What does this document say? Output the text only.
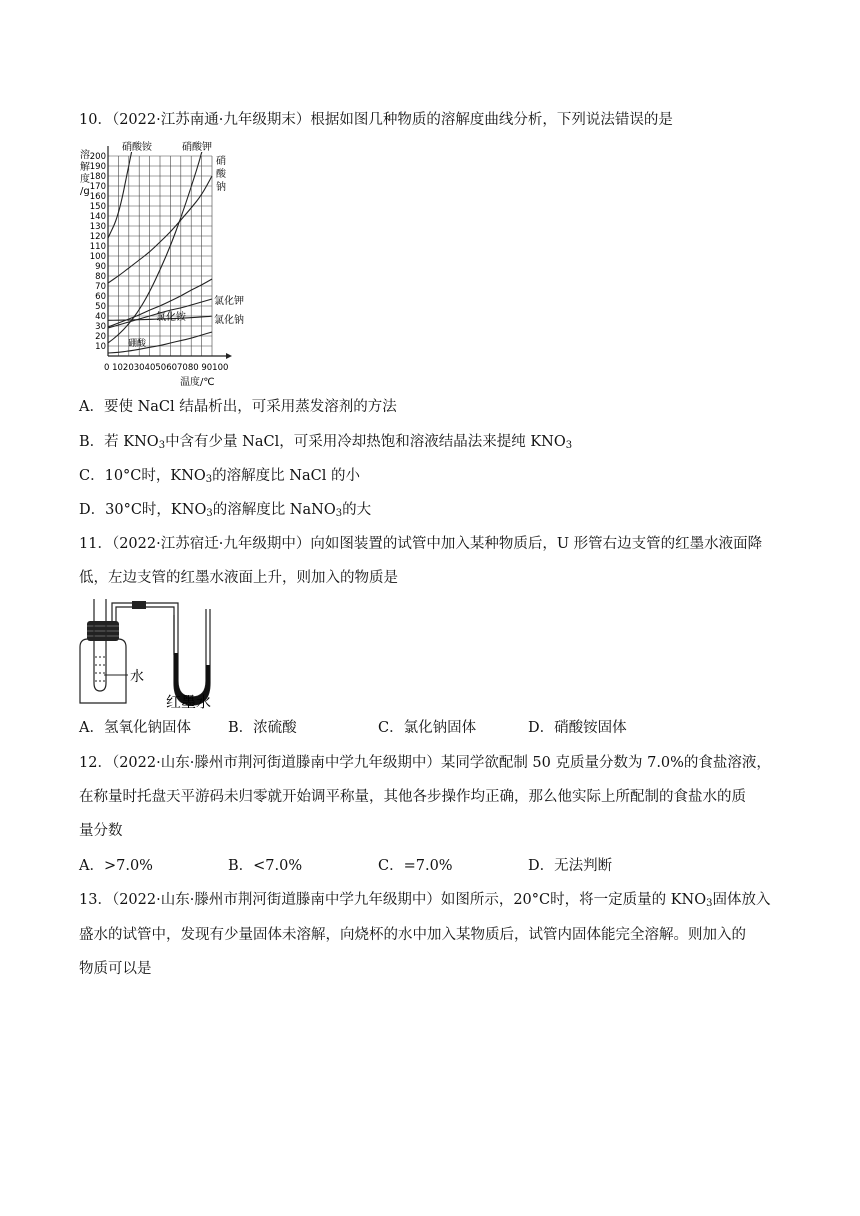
10．（2022·江苏南通·九年级期末）根据如图几种物质的溶解度曲线分析，下列说法错误的是
10
20
30
40
50
60
70
80
90
100
110
120
130
140
150
160
170
180
190
200
溶
解
度
/g
硝酸铵	硝酸钾
硝
酸
钠
氯化铵
氯化钾
氯化钠
硼酸
0 1020304050607080 90100
温度/℃
A．要使 NaCl 结晶析出，可采用蒸发溶剂的方法
B．若 $KNO_3$中含有少量 NaCl，可采用冷却热饱和溶液结晶法来提纯 $KNO_3$
C．10°C时，$KNO_3$的溶解度比 NaCl 的小
D．30°C时，$KNO_3$的溶解度比 NaNO$_3$的大
11．（2022·江苏宿迁·九年级期中）向如图装置的试管中加入某种物质后，U 形管右边支管的红墨水液面降
低，左边支管的红墨水液面上升，则加入的物质是
水
红墨水
A．氢氧化钠固体	B．浓硫酸	C．氯化钠固体	D．硝酸铵固体
12．（2022·山东·滕州市荆河街道滕南中学九年级期中）某同学欲配制 50 克质量分数为 7.0%的食盐溶液，
在称量时托盘天平游码未归零就开始调平称量，其他各步操作均正确，那么他实际上所配制的食盐水的质
量分数
A．>7.0%	B．<7.0%	C．=7.0%	D．无法判断
13．（2022·山东·滕州市荆河街道滕南中学九年级期中）如图所示，20°C时，将一定质量的 $KNO_3$固体放入
盛水的试管中，发现有少量固体未溶解，向烧杯的水中加入某物质后，试管内固体能完全溶解。则加入的
物质可以是
